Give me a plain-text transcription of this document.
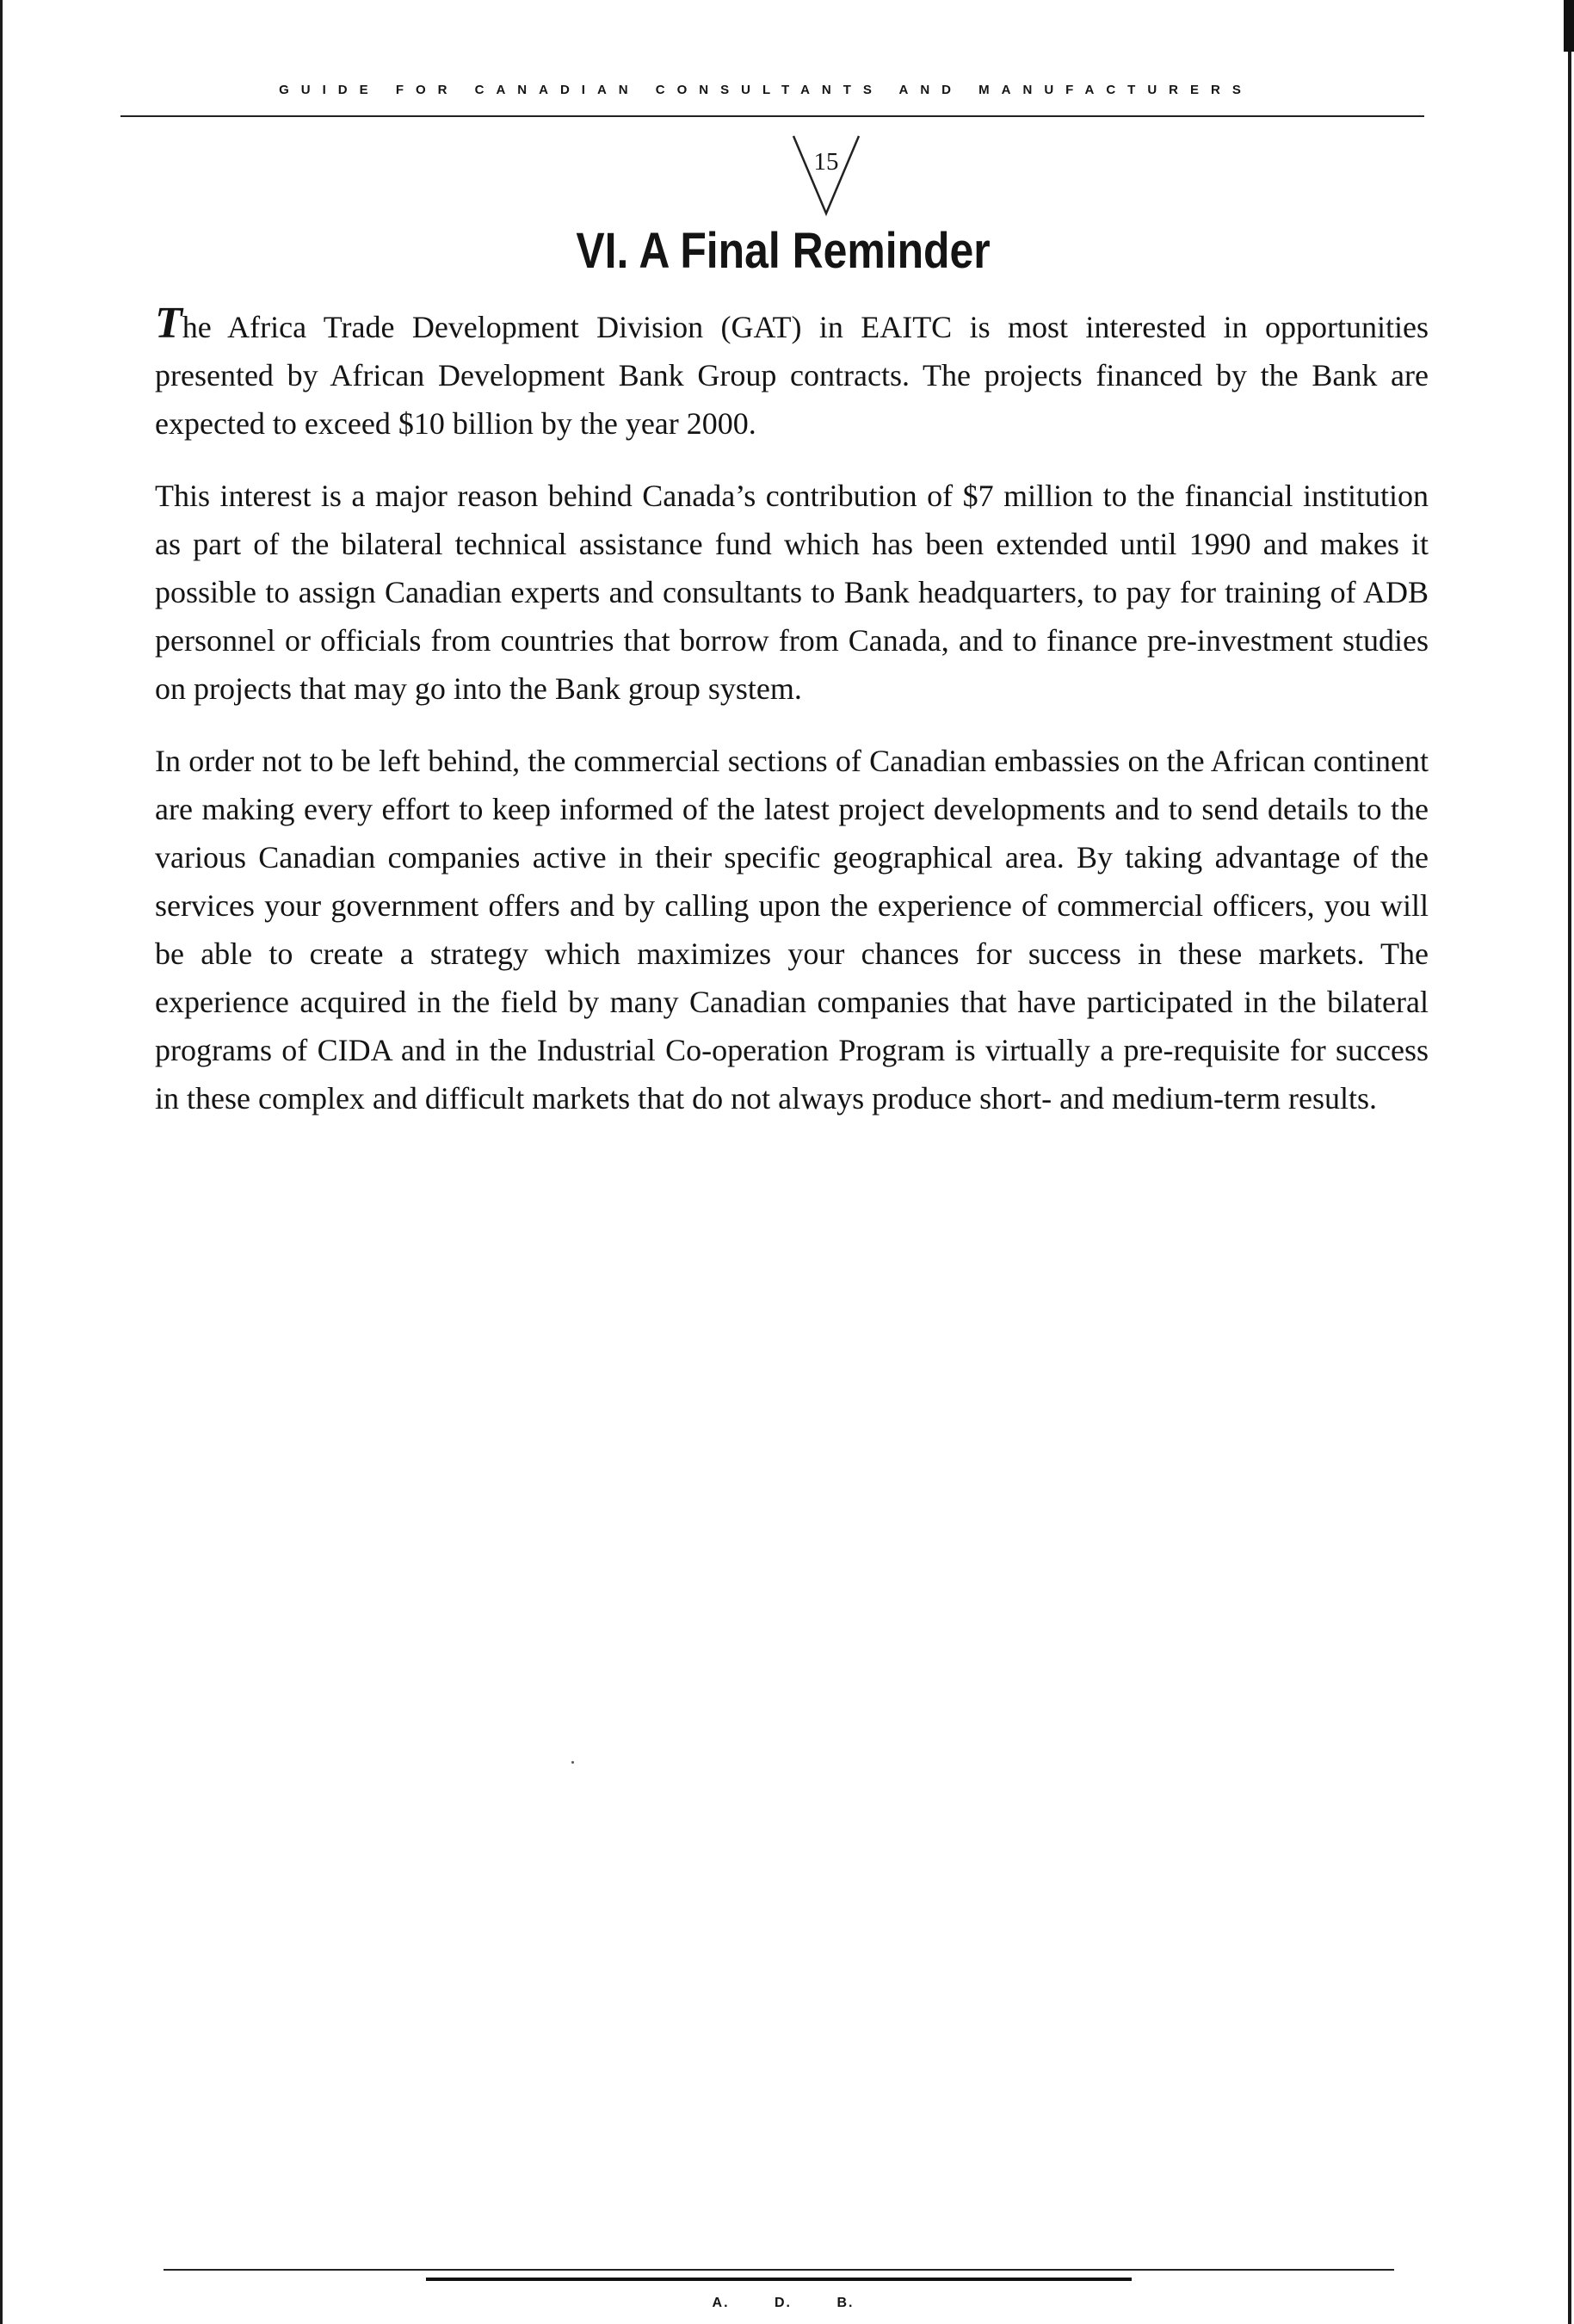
GUIDE FOR CANADIAN CONSULTANTS AND MANUFACTURERS
15
VI. A Final Reminder

The Africa Trade Development Division (GAT) in EAITC is most interested in opportunities presented by African Development Bank Group contracts. The projects financed by the Bank are expected to exceed $10 billion by the year 2000.

This interest is a major reason behind Canada’s contribution of $7 million to the financial institution as part of the bilateral technical assistance fund which has been extended until 1990 and makes it possible to assign Canadian experts and consultants to Bank headquarters, to pay for training of ADB personnel or officials from countries that borrow from Canada, and to finance pre-investment studies on projects that may go into the Bank group system.

In order not to be left behind, the commercial sections of Canadian embassies on the African continent are making every effort to keep informed of the latest project developments and to send details to the various Canadian companies active in their specific geographical area. By taking advantage of the services your government offers and by calling upon the experience of commercial officers, you will be able to create a strategy which maximizes your chances for success in these markets. The experience acquired in the field by many Canadian companies that have participated in the bilateral programs of CIDA and in the Industrial Co-operation Program is virtually a pre-requisite for success in these complex and difficult markets that do not always produce short- and medium-term results.

A. D. B.
